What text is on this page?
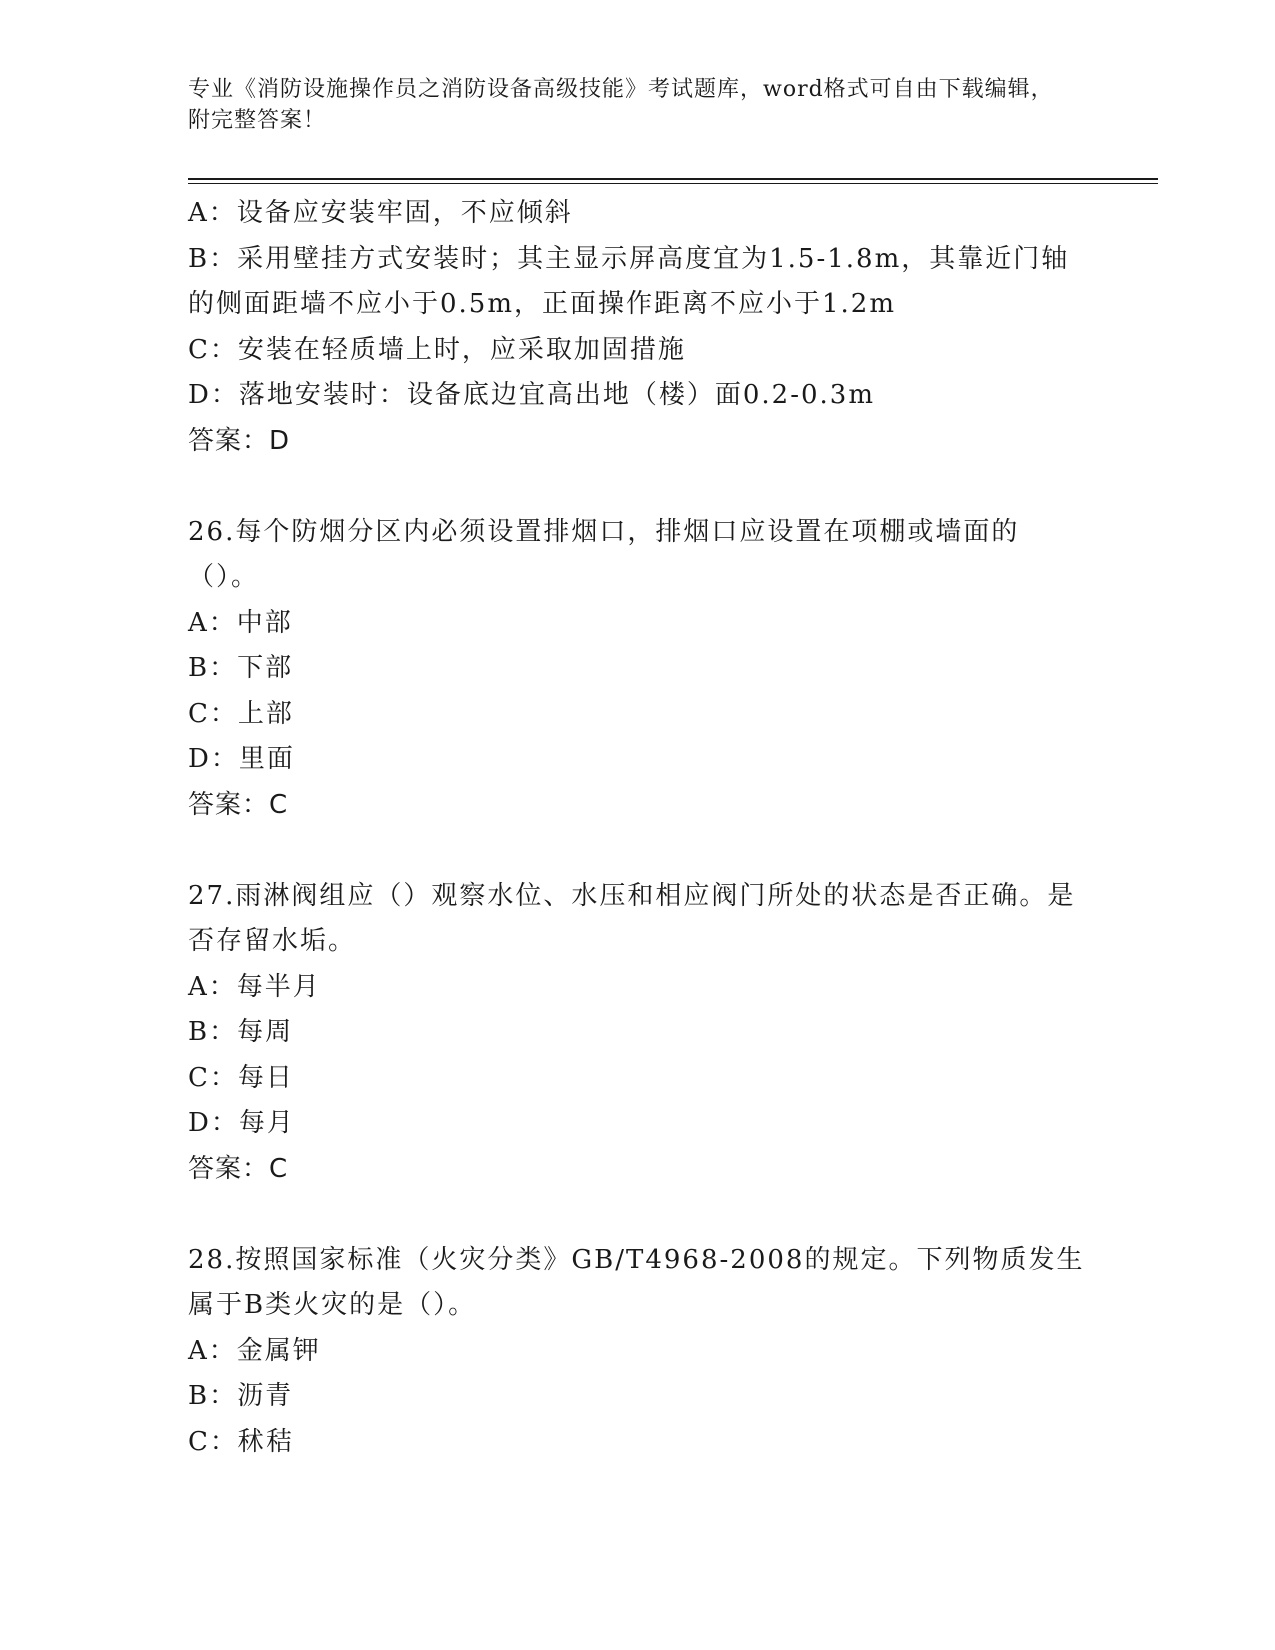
专业《消防设施操作员之消防设备高级技能》考试题库，word格式可自由下载编辑，附完整答案！
A：设备应安装牢固，不应倾斜
B：采用壁挂方式安装时；其主显示屏高度宜为1.5-1.8m，其靠近门轴的侧面距墙不应小于0.5m，正面操作距离不应小于1.2m
C：安装在轻质墙上时，应采取加固措施
D：落地安装时：设备底边宜高出地（楼）面0.2-0.3m
答案：D
26.每个防烟分区内必须设置排烟口，排烟口应设置在项棚或墙面的（）。
A：中部
B：下部
C：上部
D：里面
答案：C
27.雨淋阀组应（）观察水位、水压和相应阀门所处的状态是否正确。是否存留水垢。
A：每半月
B：每周
C：每日
D：每月
答案：C
28.按照国家标准（火灾分类》GB/T4968-2008的规定。下列物质发生属于B类火灾的是（）。
A：金属钾
B：沥青
C：秫秸
